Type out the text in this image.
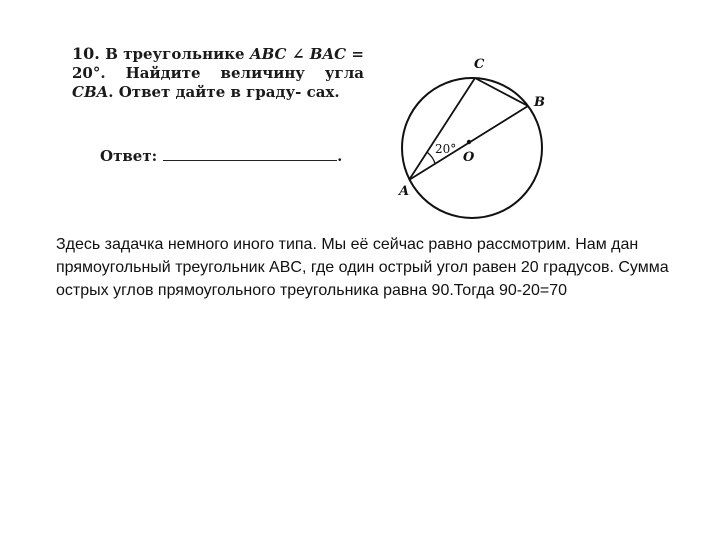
10. В треугольнике ABC ∠ BAC = 20°. Найдите величину угла CBA. Ответ дайте в граду- сах.
Ответ:	.
C
B
A
O
20°
Здесь задачка немного иного типа. Мы её сейчас равно рассмотрим. Нам дан прямоугольный треугольник ABC, где один острый угол равен 20 градусов. Сумма острых углов прямоугольного треугольника равна 90.Тогда 90-20=70
